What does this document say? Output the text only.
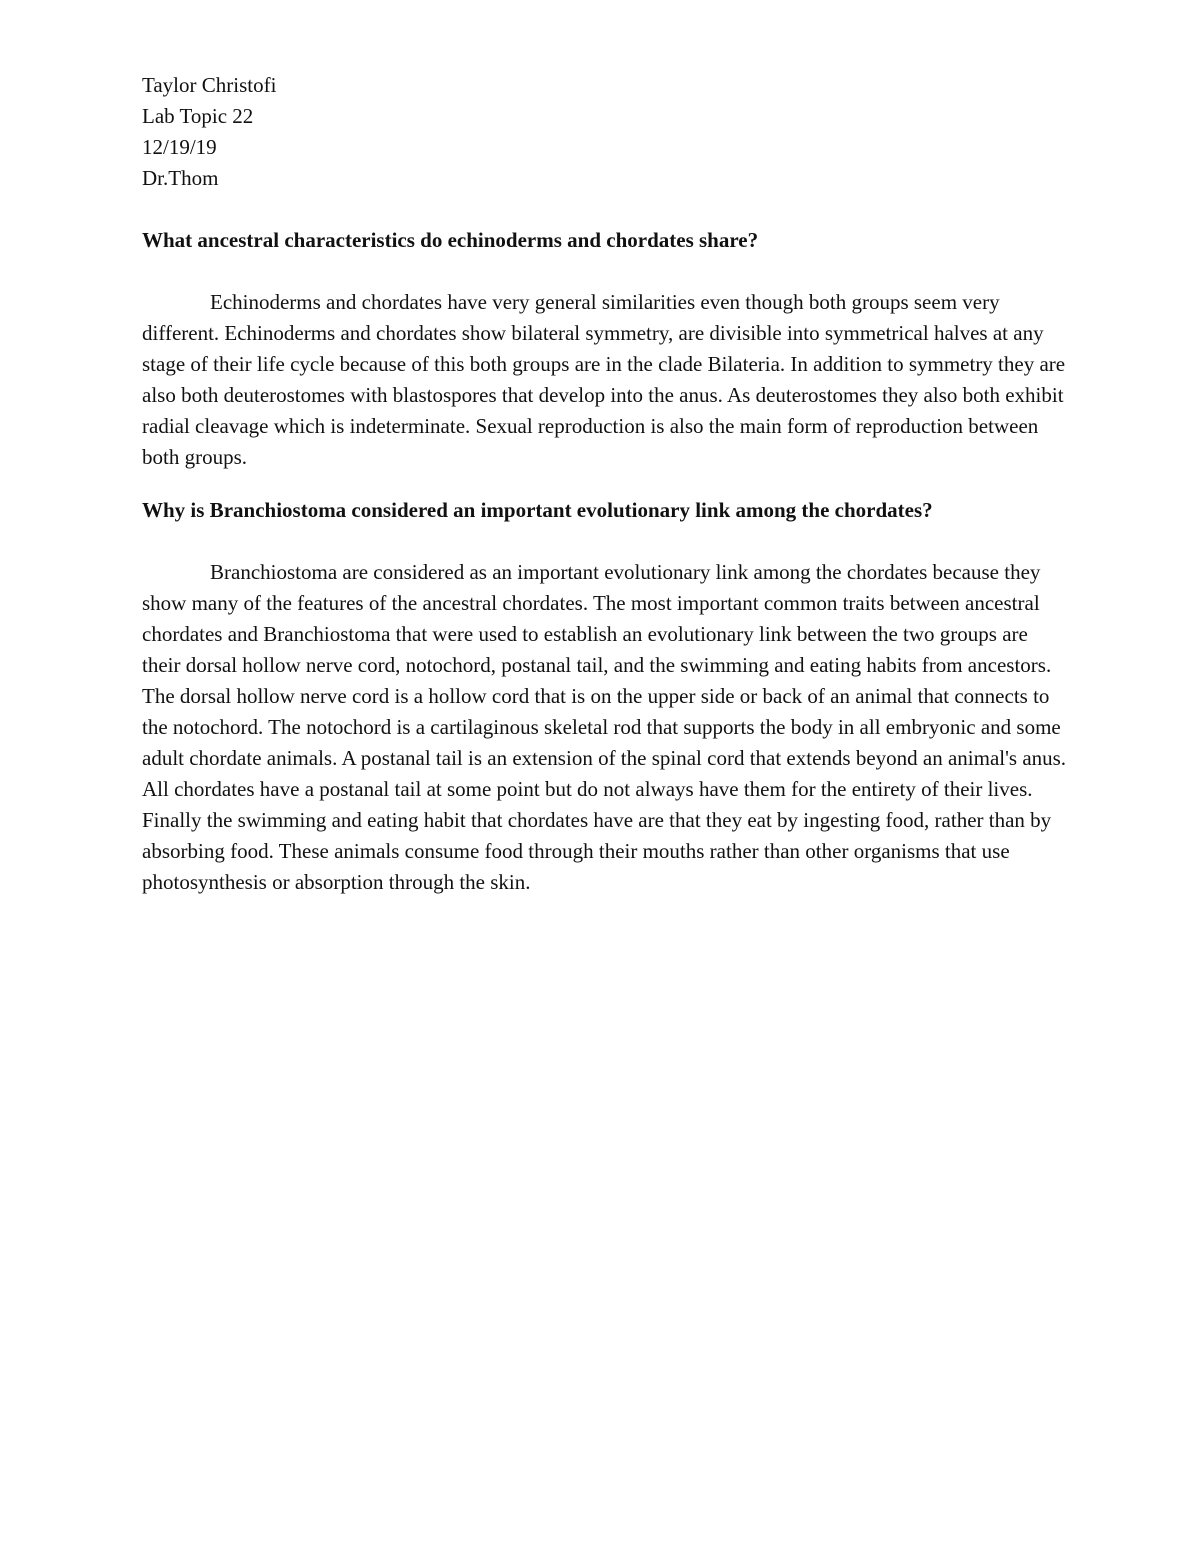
Taylor Christofi
Lab Topic 22
12/19/19
Dr.Thom

What ancestral characteristics do echinoderms and chordates share?

Echinoderms and chordates have very general similarities even though both groups seem very different. Echinoderms and chordates show bilateral symmetry, are divisible into symmetrical halves at any stage of their life cycle because of this both groups are in the clade Bilateria. In addition to symmetry they are also both deuterostomes with blastospores that develop into the anus. As deuterostomes they also both exhibit radial cleavage which is indeterminate. Sexual reproduction is also the main form of reproduction between both groups.

Why is Branchiostoma considered an important evolutionary link among the chordates?

Branchiostoma are considered as an important evolutionary link among the chordates because they show many of the features of the ancestral chordates. The most important common traits between ancestral chordates and Branchiostoma that were used to establish an evolutionary link between the two groups are their dorsal hollow nerve cord, notochord, postanal tail, and the swimming and eating habits from ancestors. The dorsal hollow nerve cord is a hollow cord that is on the upper side or back of an animal that connects to the notochord. The notochord is a cartilaginous skeletal rod that supports the body in all embryonic and some adult chordate animals. A postanal tail is an extension of the spinal cord that extends beyond an animal's anus. All chordates have a postanal tail at some point but do not always have them for the entirety of their lives. Finally the swimming and eating habit that chordates have are that they eat by ingesting food, rather than by absorbing food. These animals consume food through their mouths rather than other organisms that use photosynthesis or absorption through the skin.
